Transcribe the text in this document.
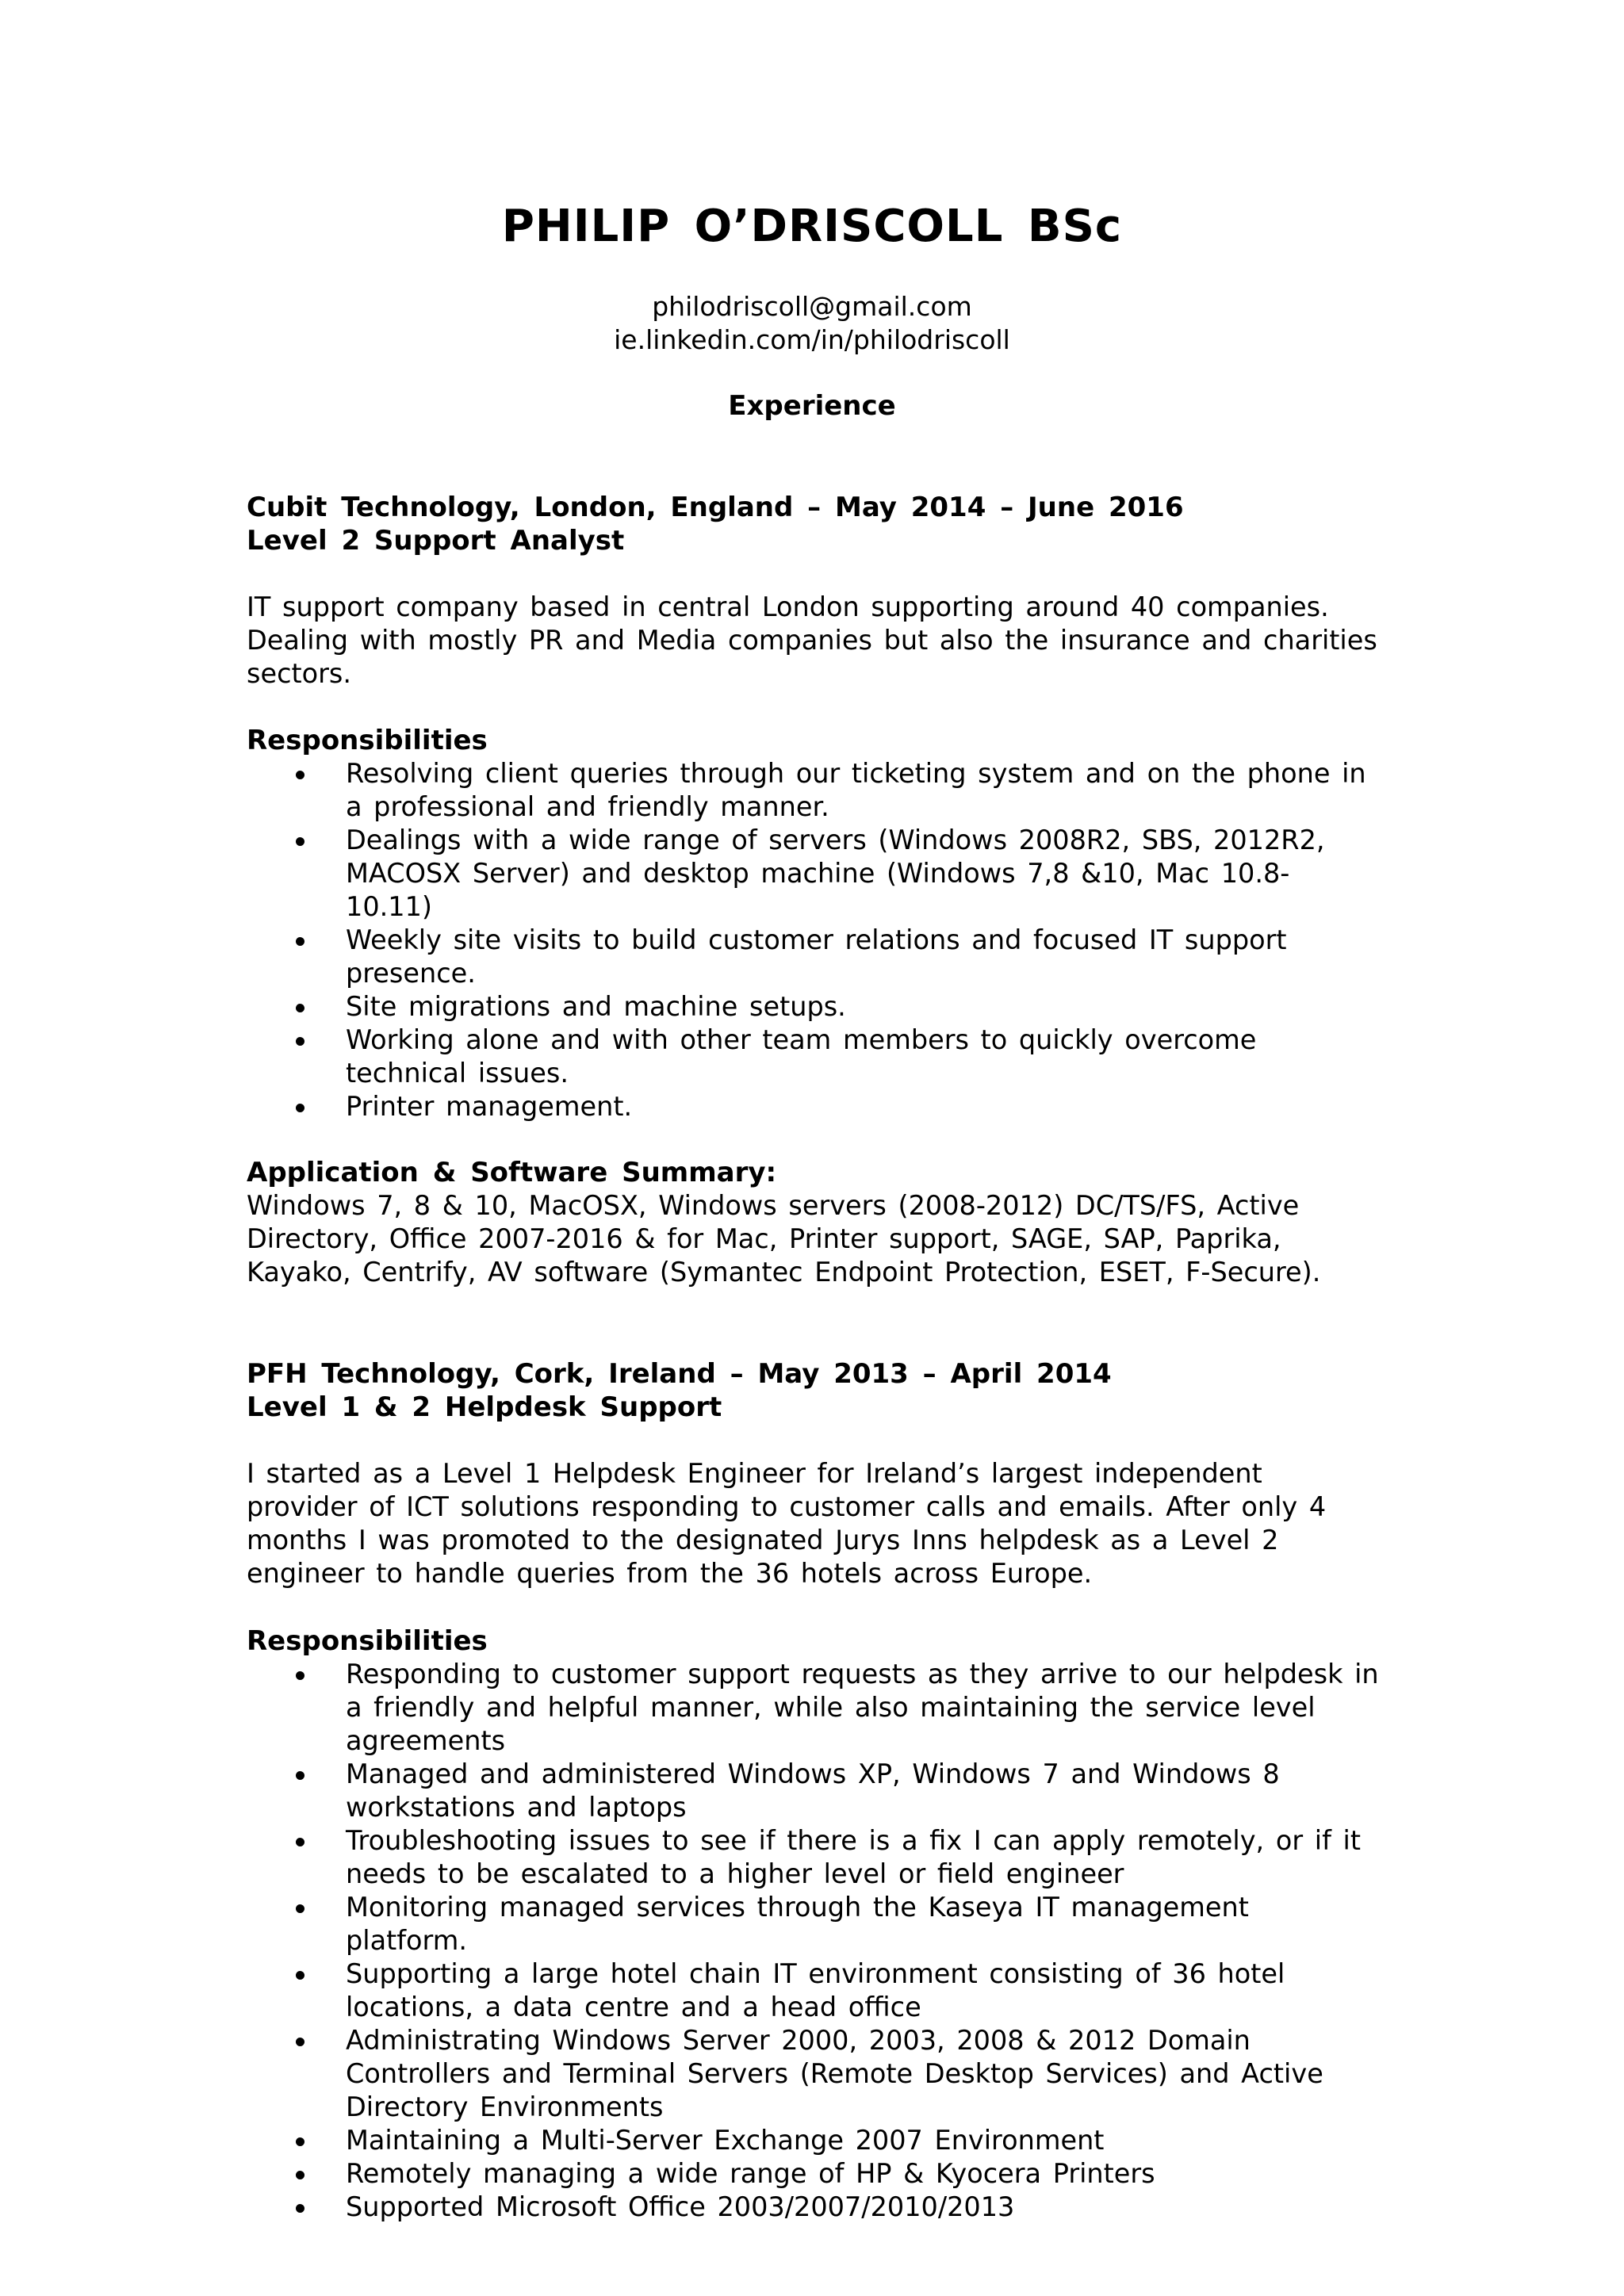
PHILIP O’DRISCOLL BSc
philodriscoll@gmail.com
ie.linkedin.com/in/philodriscoll
Experience
Cubit Technology, London, England – May 2014 – June 2016
Level 2 Support Analyst
IT support company based in central London supporting around 40 companies.
Dealing with mostly PR and Media companies but also the insurance and charities
sectors.
Responsibilities
Resolving client queries through our ticketing system and on the phone in
a professional and friendly manner.
Dealings with a wide range of servers (Windows 2008R2, SBS, 2012R2,
MACOSX Server) and desktop machine (Windows 7,8 &10, Mac 10.8-
10.11)
Weekly site visits to build customer relations and focused IT support
presence.
Site migrations and machine setups.
Working alone and with other team members to quickly overcome
technical issues.
Printer management.
Application & Software Summary:
Windows 7, 8 & 10, MacOSX, Windows servers (2008-2012) DC/TS/FS, Active
Directory, Office 2007-2016 & for Mac, Printer support, SAGE, SAP, Paprika,
Kayako, Centrify, AV software (Symantec Endpoint Protection, ESET, F-Secure).
PFH Technology, Cork, Ireland – May 2013 – April 2014
Level 1 & 2 Helpdesk Support
I started as a Level 1 Helpdesk Engineer for Ireland’s largest independent
provider of ICT solutions responding to customer calls and emails. After only 4
months I was promoted to the designated Jurys Inns helpdesk as a Level 2
engineer to handle queries from the 36 hotels across Europe.
Responsibilities
Responding to customer support requests as they arrive to our helpdesk in
a friendly and helpful manner, while also maintaining the service level
agreements
Managed and administered Windows XP, Windows 7 and Windows 8
workstations and laptops
Troubleshooting issues to see if there is a fix I can apply remotely, or if it
needs to be escalated to a higher level or field engineer
Monitoring managed services through the Kaseya IT management
platform.
Supporting a large hotel chain IT environment consisting of 36 hotel
locations, a data centre and a head office
Administrating Windows Server 2000, 2003, 2008 & 2012 Domain
Controllers and Terminal Servers (Remote Desktop Services) and Active
Directory Environments
Maintaining a Multi-Server Exchange 2007 Environment
Remotely managing a wide range of HP & Kyocera Printers
Supported Microsoft Office 2003/2007/2010/2013
